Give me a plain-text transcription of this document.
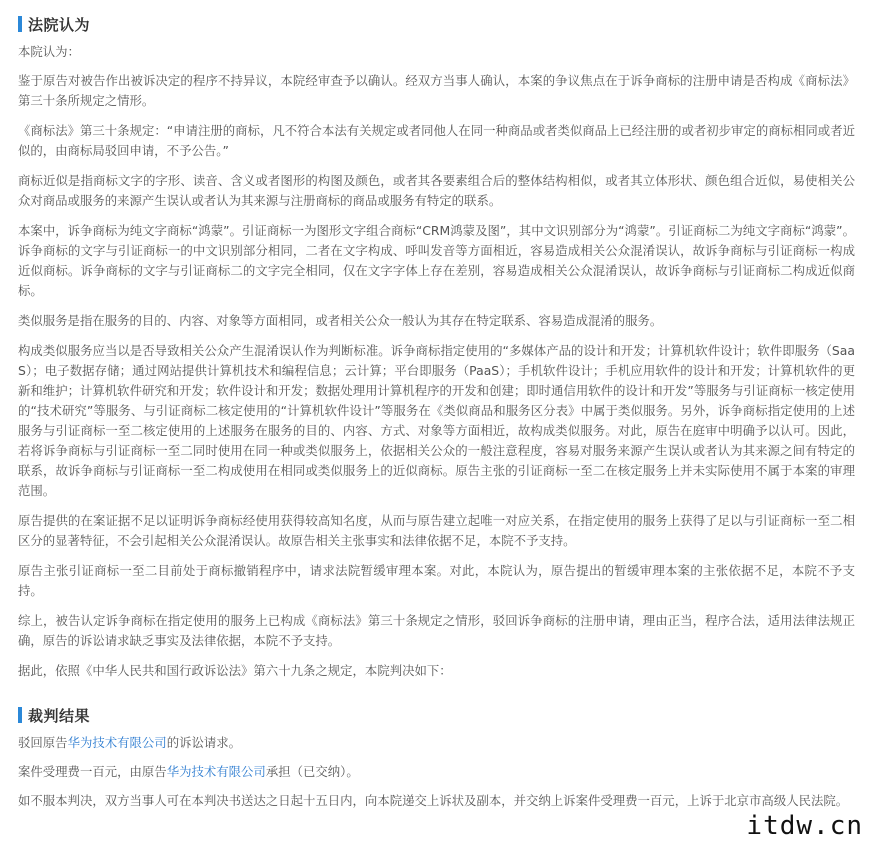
法院认为

本院认为：

鉴于原告对被告作出被诉决定的程序不持异议，本院经审查予以确认。经双方当事人确认，本案的争议焦点在于诉争商标的注册申请是否构成《商标法》第三十条所规定之情形。

《商标法》第三十条规定：“申请注册的商标，凡不符合本法有关规定或者同他人在同一种商品或者类似商品上已经注册的或者初步审定的商标相同或者近似的，由商标局驳回申请，不予公告。”

商标近似是指商标文字的字形、读音、含义或者图形的构图及颜色，或者其各要素组合后的整体结构相似，或者其立体形状、颜色组合近似，易使相关公众对商品或服务的来源产生误认或者认为其来源与注册商标的商品或服务有特定的联系。

本案中，诉争商标为纯文字商标“鸿蒙”。引证商标一为图形文字组合商标“CRM鸿蒙及图”，其中文识别部分为“鸿蒙”。引证商标二为纯文字商标“鸿蒙”。诉争商标的文字与引证商标一的中文识别部分相同，二者在文字构成、呼叫发音等方面相近，容易造成相关公众混淆误认，故诉争商标与引证商标一构成近似商标。诉争商标的文字与引证商标二的文字完全相同，仅在文字字体上存在差别，容易造成相关公众混淆误认，故诉争商标与引证商标二构成近似商标。

类似服务是指在服务的目的、内容、对象等方面相同，或者相关公众一般认为其存在特定联系、容易造成混淆的服务。

构成类似服务应当以是否导致相关公众产生混淆误认作为判断标准。诉争商标指定使用的“多媒体产品的设计和开发；计算机软件设计；软件即服务（SaaS）；电子数据存储；通过网站提供计算机技术和编程信息；云计算；平台即服务（PaaS）；手机软件设计；手机应用软件的设计和开发；计算机软件的更新和维护；计算机软件研究和开发；软件设计和开发；数据处理用计算机程序的开发和创建；即时通信用软件的设计和开发”等服务与引证商标一核定使用的“技术研究”等服务、与引证商标二核定使用的“计算机软件设计”等服务在《类似商品和服务区分表》中属于类似服务。另外，诉争商标指定使用的上述服务与引证商标一至二核定使用的上述服务在服务的目的、内容、方式、对象等方面相近，故构成类似服务。对此，原告在庭审中明确予以认可。因此，若将诉争商标与引证商标一至二同时使用在同一种或类似服务上，依据相关公众的一般注意程度，容易对服务来源产生误认或者认为其来源之间有特定的联系，故诉争商标与引证商标一至二构成使用在相同或类似服务上的近似商标。原告主张的引证商标一至二在核定服务上并未实际使用不属于本案的审理范围。

原告提供的在案证据不足以证明诉争商标经使用获得较高知名度，从而与原告建立起唯一对应关系，在指定使用的服务上获得了足以与引证商标一至二相区分的显著特征，不会引起相关公众混淆误认。故原告相关主张事实和法律依据不足，本院不予支持。

原告主张引证商标一至二目前处于商标撤销程序中，请求法院暂缓审理本案。对此，本院认为，原告提出的暂缓审理本案的主张依据不足，本院不予支持。

综上，被告认定诉争商标在指定使用的服务上已构成《商标法》第三十条规定之情形，驳回诉争商标的注册申请，理由正当，程序合法，适用法律法规正确，原告的诉讼请求缺乏事实及法律依据，本院不予支持。

据此，依照《中华人民共和国行政诉讼法》第六十九条之规定，本院判决如下：

裁判结果

驳回原告华为技术有限公司的诉讼请求。

案件受理费一百元，由原告华为技术有限公司承担（已交纳）。

如不服本判决，双方当事人可在本判决书送达之日起十五日内，向本院递交上诉状及副本，并交纳上诉案件受理费一百元，上诉于北京市高级人民法院。

itdw.cn
